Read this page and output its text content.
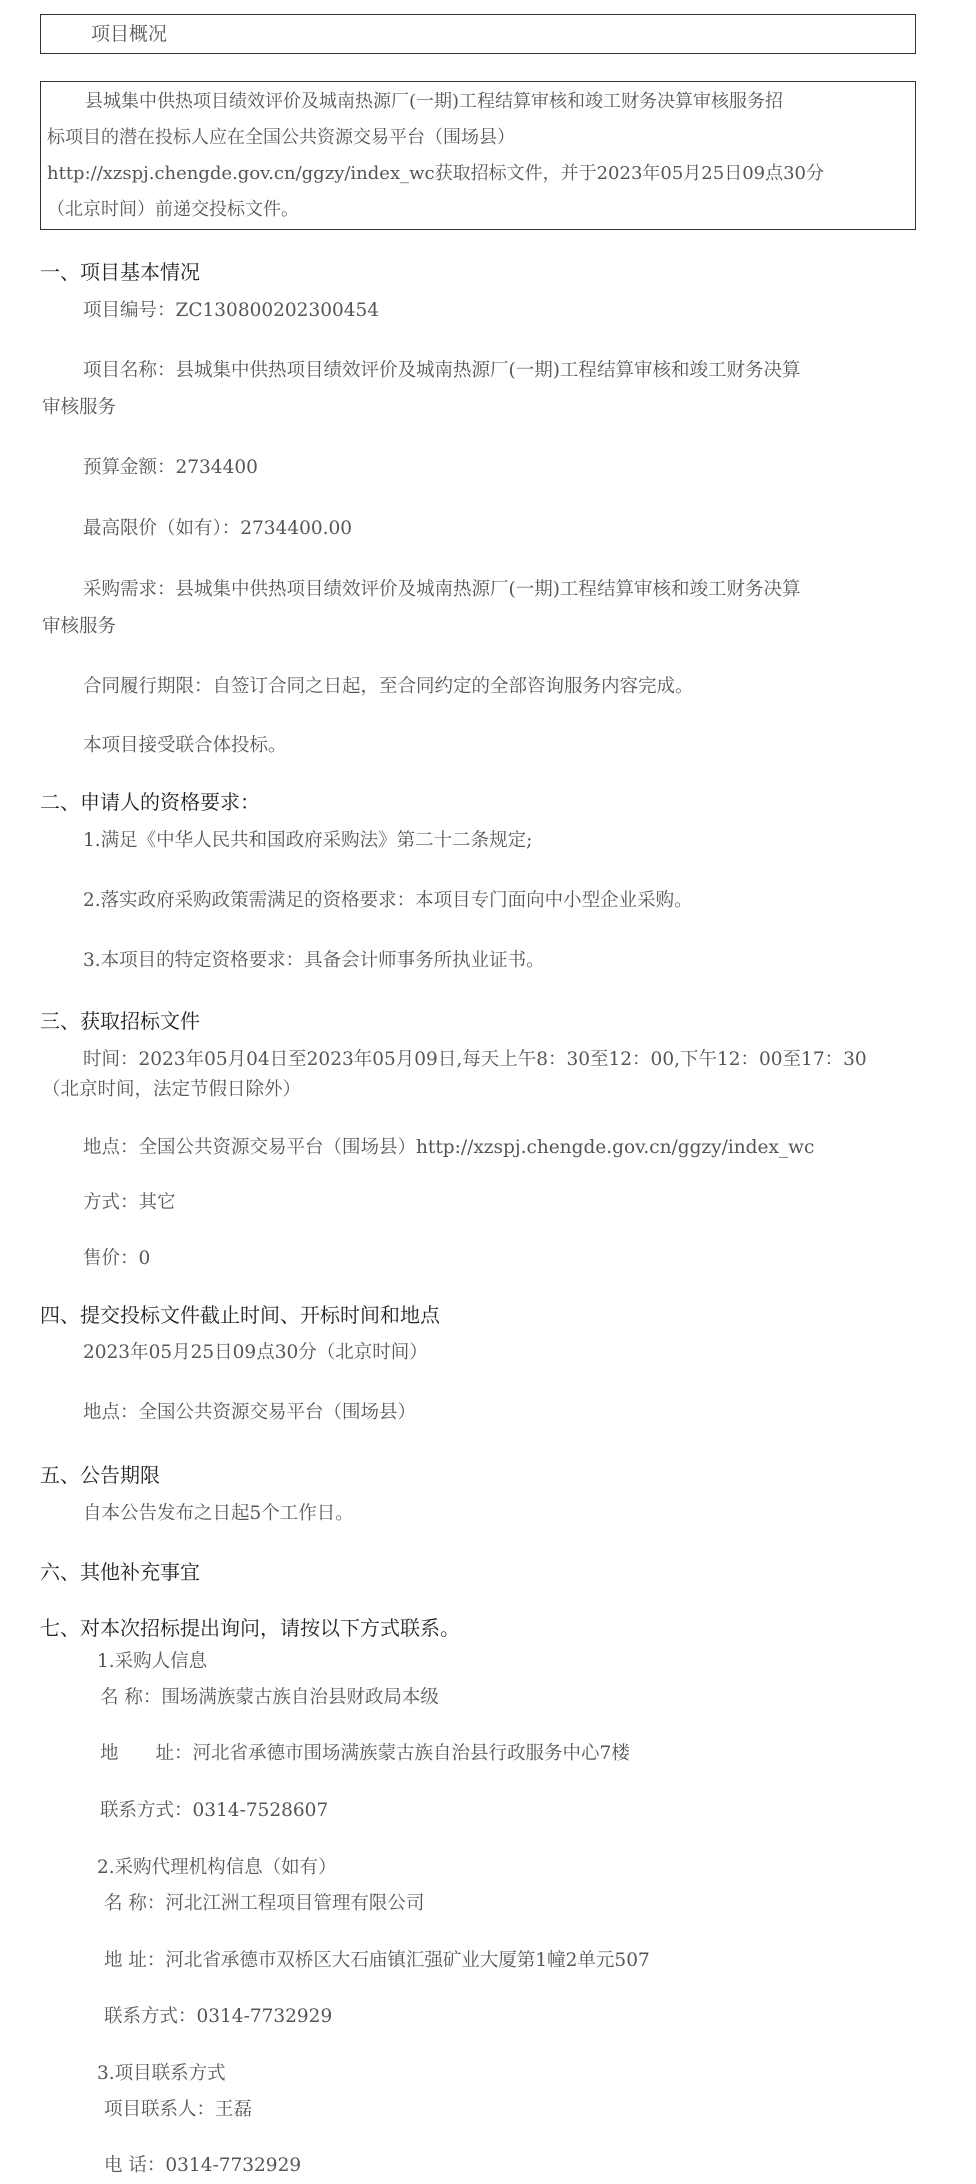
项目概况
县城集中供热项目绩效评价及城南热源厂(一期)工程结算审核和竣工财务决算审核服务招
标项目的潜在投标人应在全国公共资源交易平台（围场县）
http://xzspj.chengde.gov.cn/ggzy/index_wc获取招标文件，并于2023年05月25日09点30分
（北京时间）前递交投标文件。
一、项目基本情况
项目编号：ZC130800202300454
项目名称：县城集中供热项目绩效评价及城南热源厂(一期)工程结算审核和竣工财务决算
审核服务
预算金额：2734400
最高限价（如有）：2734400.00
采购需求：县城集中供热项目绩效评价及城南热源厂(一期)工程结算审核和竣工财务决算
审核服务
合同履行期限：自签订合同之日起，至合同约定的全部咨询服务内容完成。
本项目接受联合体投标。
二、申请人的资格要求：
1.满足《中华人民共和国政府采购法》第二十二条规定;
2.落实政府采购政策需满足的资格要求：本项目专门面向中小型企业采购。
3.本项目的特定资格要求：具备会计师事务所执业证书。
三、获取招标文件
时间：2023年05月04日至2023年05月09日,每天上午8：30至12：00,下午12：00至17：30
（北京时间，法定节假日除外）
地点：全国公共资源交易平台（围场县）http://xzspj.chengde.gov.cn/ggzy/index_wc
方式：其它
售价：0
四、提交投标文件截止时间、开标时间和地点
2023年05月25日09点30分（北京时间）
地点：全国公共资源交易平台（围场县）
五、公告期限
自本公告发布之日起5个工作日。
六、其他补充事宜
七、对本次招标提出询问，请按以下方式联系。
1.采购人信息
名 称：围场满族蒙古族自治县财政局本级
地　　址：河北省承德市围场满族蒙古族自治县行政服务中心7楼
联系方式：0314-7528607
2.采购代理机构信息（如有）
名 称：河北江洲工程项目管理有限公司
地 址：河北省承德市双桥区大石庙镇汇强矿业大厦第1幢2单元507
联系方式：0314-7732929
3.项目联系方式
项目联系人：王磊
电 话：0314-7732929
